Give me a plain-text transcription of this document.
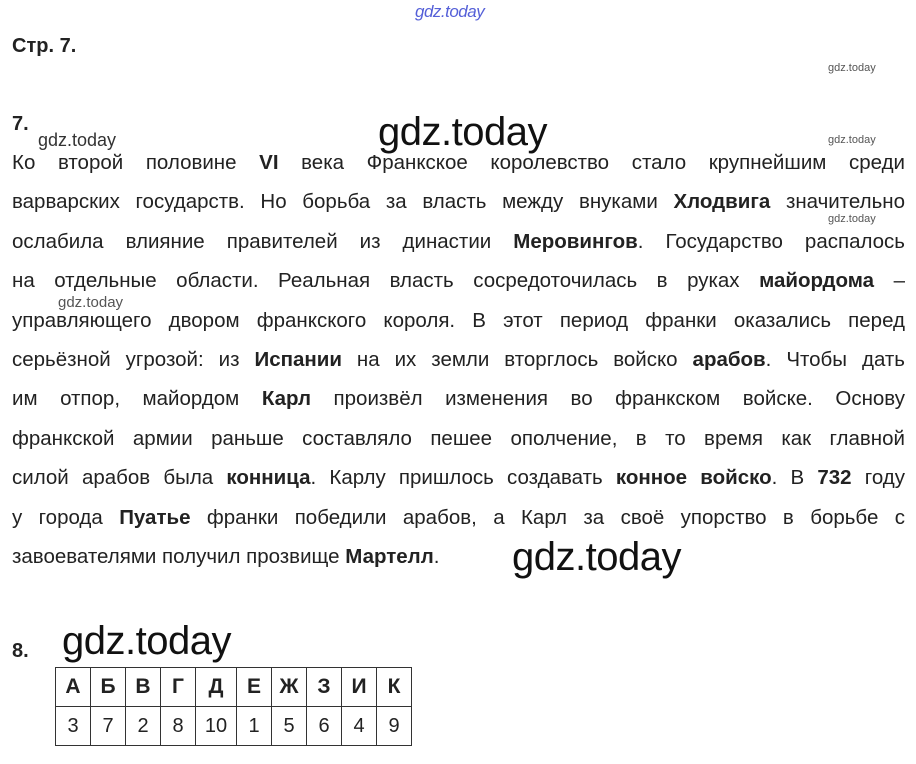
gdz.today
gdz.today
gdz.today
gdz.today
gdz.today
gdz.today
gdz.today
gdz.today
gdz.today
Стр. 7.
7.
Ко второй половине VI века Франкское королевство стало крупнейшим среди
варварских государств. Но борьба за власть между внуками Хлодвига значительно
ослабила влияние правителей из династии Меровингов. Государство распалось
на отдельные области. Реальная власть сосредоточилась в руках майордома –
управляющего двором франкского короля. В этот период франки оказались перед
серьёзной угрозой: из Испании на их земли вторглось войско арабов. Чтобы дать
им отпор, майордом Карл произвёл изменения во франкском войске. Основу
франкской армии раньше составляло пешее ополчение, в то время как главной
силой арабов была конница. Карлу пришлось создавать конное войско. В 732 году
у города Пуатье франки победили арабов, а Карл за своё упорство в борьбе с
завоевателями получил прозвище Мартелл.
8.
А	Б	В	Г	Д	Е	Ж	З	И	К
3	7	2	8	10	1	5	6	4	9
